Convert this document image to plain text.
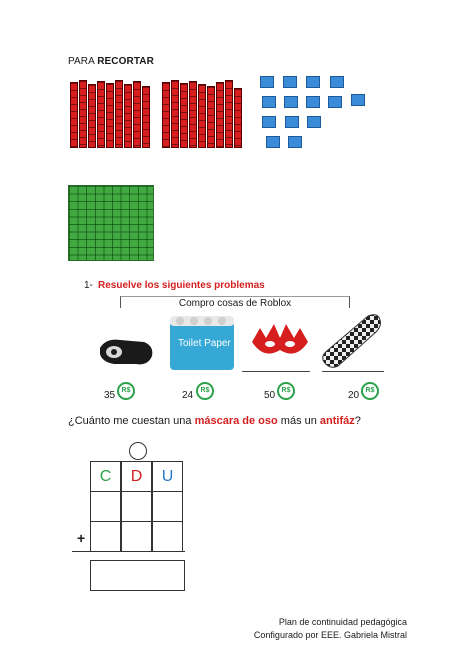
PARA RECORTAR
1- Resuelve los siguientes problemas
Compro cosas de Roblox
Toilet Paper
35 R$	24	R$	50 R$	20 R$
¿Cuánto me cuestan una máscara de oso más un antifáz?
C	D	U
+
Plan de continuidad pedagógica
Configurado por EEE. Gabriela Mistral
